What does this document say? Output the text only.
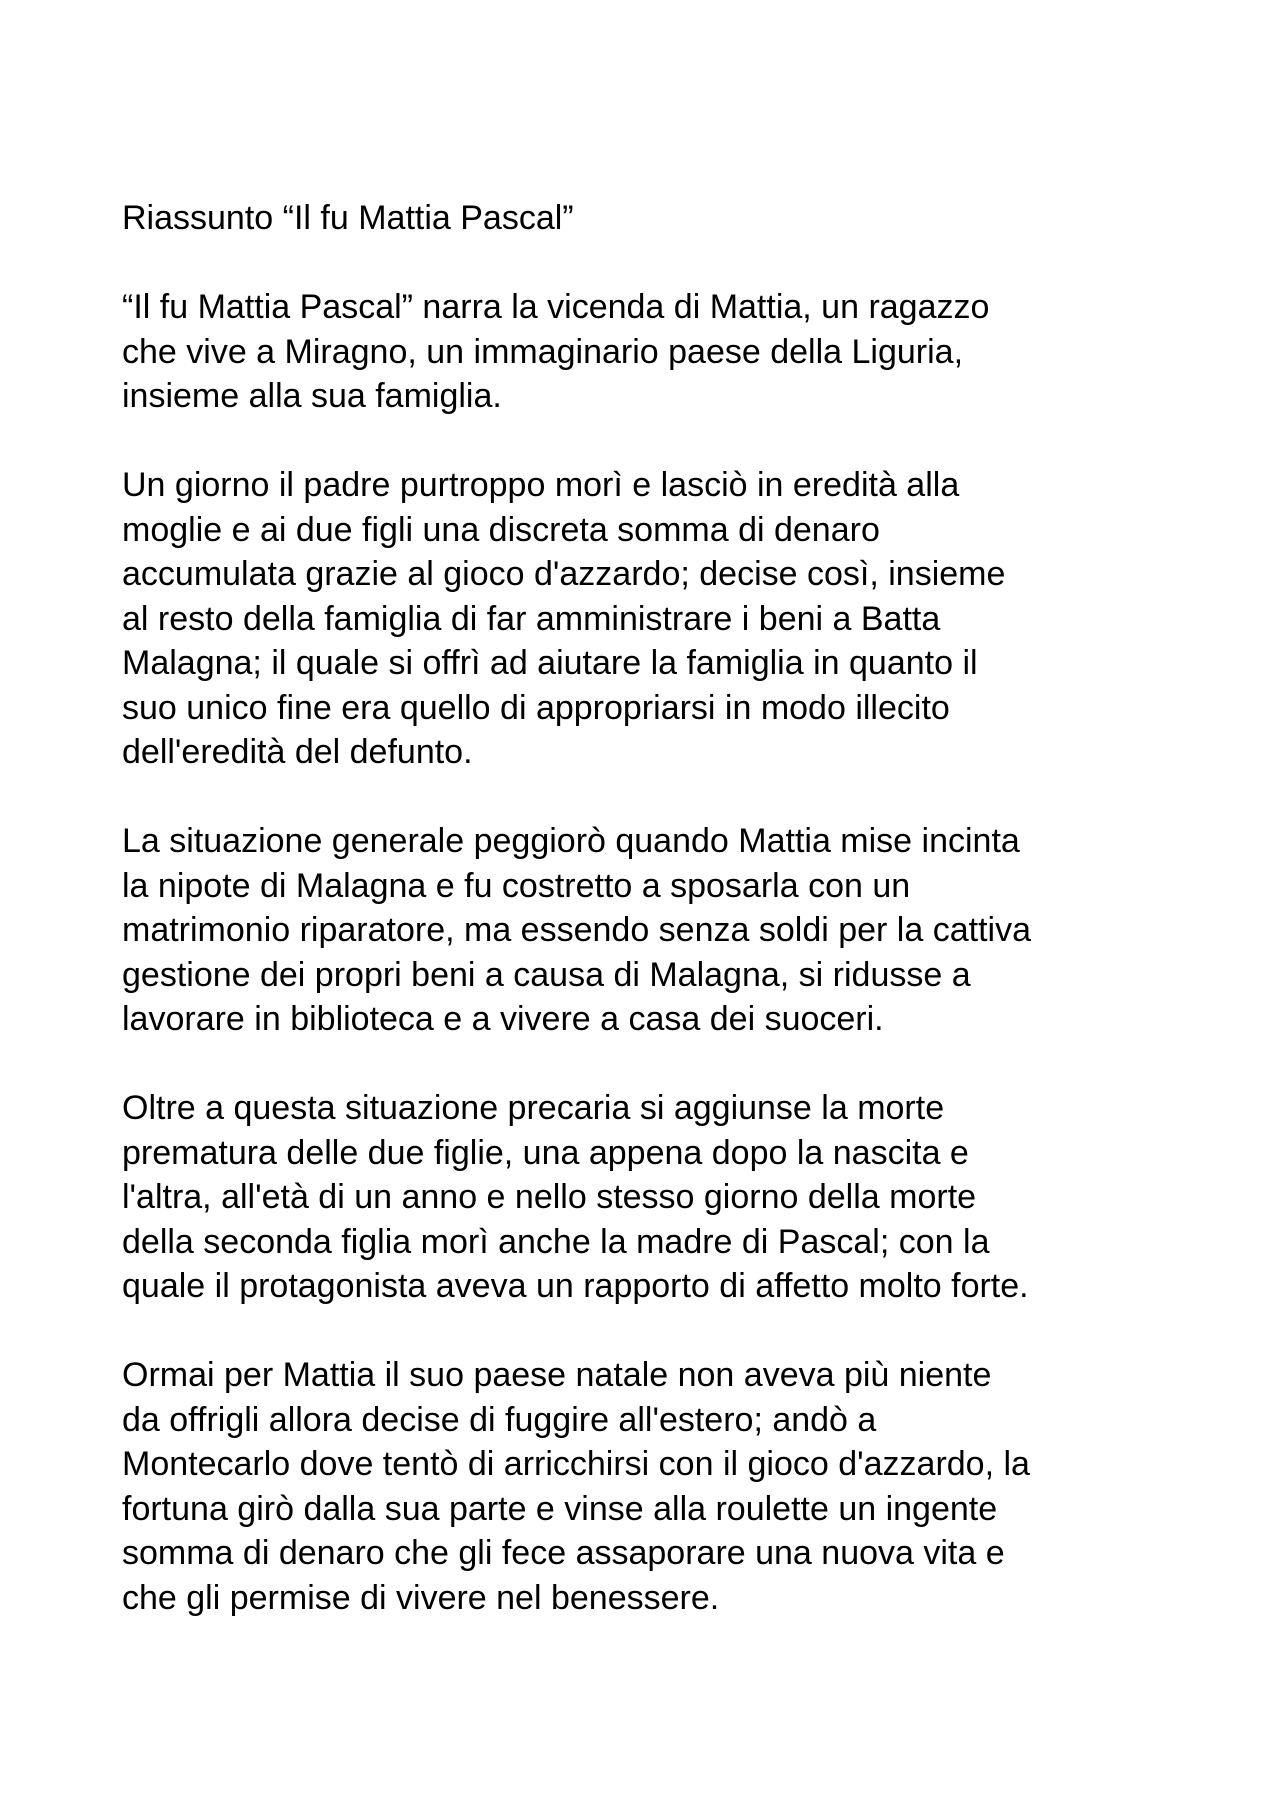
Riassunto “Il fu Mattia Pascal”

“Il fu Mattia Pascal” narra la vicenda di Mattia, un ragazzo
che vive a Miragno, un immaginario paese della Liguria,
insieme alla sua famiglia.

Un giorno il padre purtroppo morì e lasciò in eredità alla
moglie e ai due figli una discreta somma di denaro
accumulata grazie al gioco d'azzardo; decise così, insieme
al resto della famiglia di far amministrare i beni a Batta
Malagna; il quale si offrì ad aiutare la famiglia in quanto il
suo unico fine era quello di appropriarsi in modo illecito
dell'eredità del defunto.

La situazione generale peggiorò quando Mattia mise incinta
la nipote di Malagna e fu costretto a sposarla con un
matrimonio riparatore, ma essendo senza soldi per la cattiva
gestione dei propri beni a causa di Malagna, si ridusse a
lavorare in biblioteca e a vivere a casa dei suoceri.

Oltre a questa situazione precaria si aggiunse la morte
prematura delle due figlie, una appena dopo la nascita e
l'altra, all'età di un anno e nello stesso giorno della morte
della seconda figlia morì anche la madre di Pascal; con la
quale il protagonista aveva un rapporto di affetto molto forte.

Ormai per Mattia il suo paese natale non aveva più niente
da offrigli allora decise di fuggire all'estero; andò a
Montecarlo dove tentò di arricchirsi con il gioco d'azzardo, la
fortuna girò dalla sua parte e vinse alla roulette un ingente
somma di denaro che gli fece assaporare una nuova vita e
che gli permise di vivere nel benessere.
